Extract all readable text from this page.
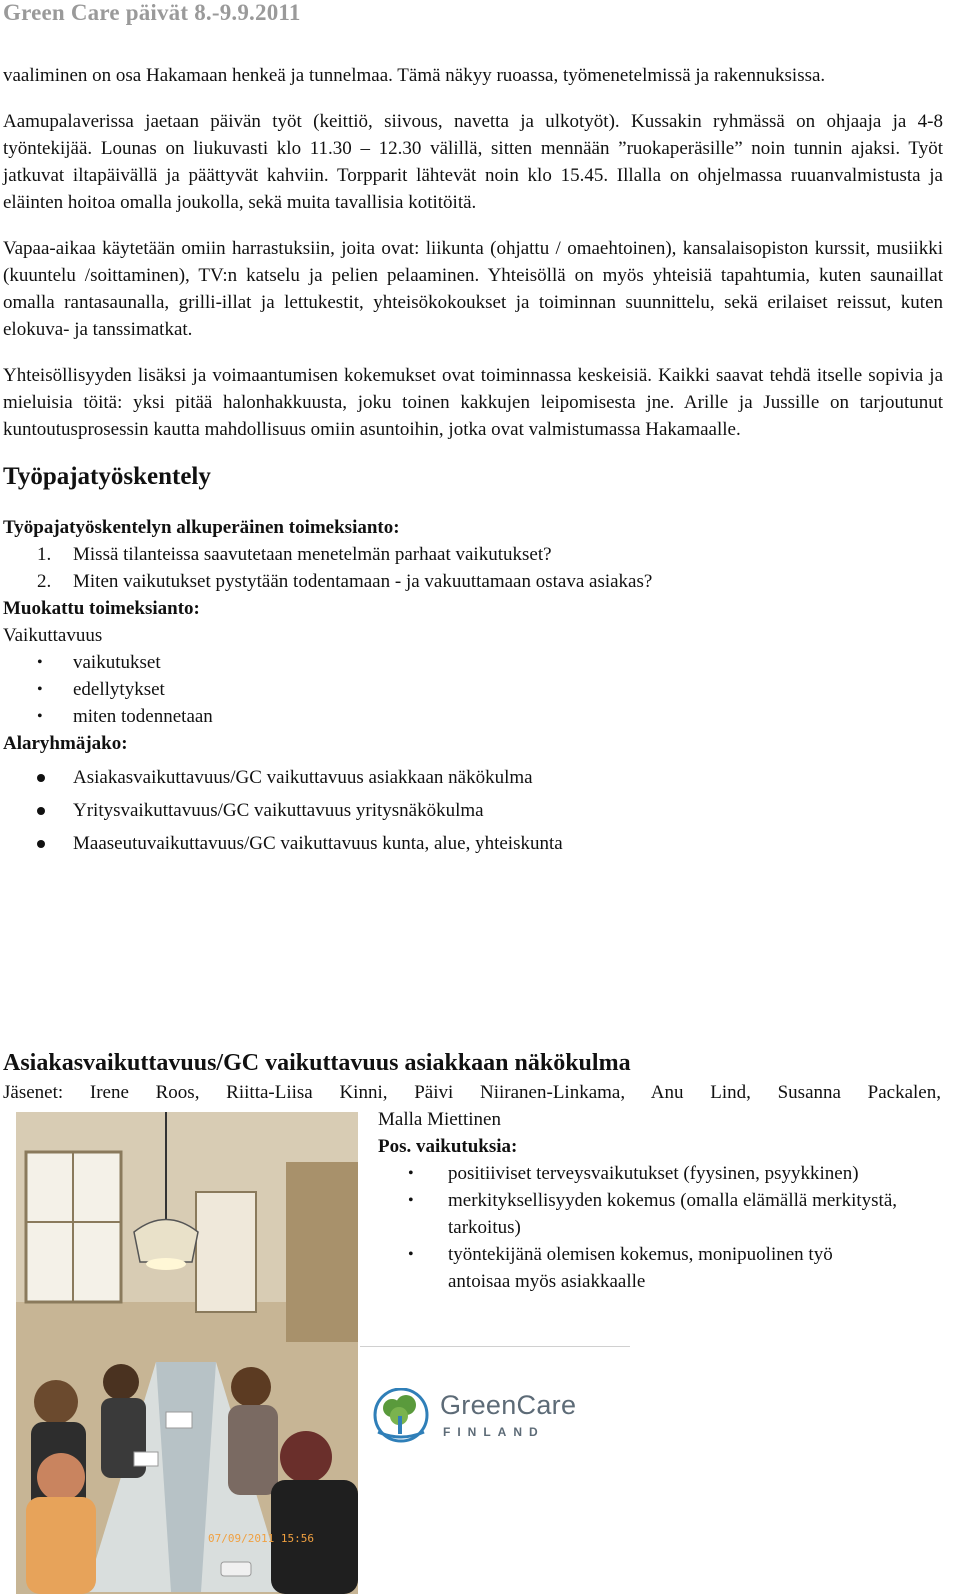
Green Care päivät 8.-9.9.2011

vaaliminen on osa Hakamaan henkeä ja tunnelmaa. Tämä näkyy ruoassa, työmenetelmissä ja rakennuksissa.

Aamupalaverissa jaetaan päivän työt (keittiö, siivous, navetta ja ulkotyöt). Kussakin ryhmässä on ohjaaja ja 4-8 työntekijää. Lounas on liukuvasti klo 11.30 – 12.30 välillä, sitten mennään ”ruokaperäsille” noin tunnin ajaksi. Työt jatkuvat iltapäivällä ja päättyvät kahviin. Torpparit lähtevät noin klo 15.45. Illalla on ohjelmassa ruuanvalmistusta ja eläinten hoitoa omalla joukolla, sekä muita tavallisia kotitöitä.

Vapaa-aikaa käytetään omiin harrastuksiin, joita ovat: liikunta (ohjattu / omaehtoinen), kansalaisopiston kurssit, musiikki (kuuntelu /soittaminen), TV:n katselu ja pelien pelaaminen. Yhteisöllä on myös yhteisiä tapahtumia, kuten saunaillat omalla rantasaunalla, grilli-illat ja lettukestit, yhteisökokoukset ja toiminnan suunnittelu, sekä erilaiset reissut, kuten elokuva- ja tanssimatkat.

Yhteisöllisyyden lisäksi ja voimaantumisen kokemukset ovat toiminnassa keskeisiä. Kaikki saavat tehdä itselle sopivia ja mieluisia töitä: yksi pitää halonhakkuusta, joku toinen kakkujen leipomisesta jne. Arille ja Jussille on tarjoutunut kuntoutusprosessin kautta mahdollisuus omiin asuntoihin, jotka ovat valmistumassa Hakamaalle.

Työpajatyöskentely
Työpajatyöskentelyn alkuperäinen toimeksianto:
1. Missä tilanteissa saavutetaan menetelmän parhaat vaikutukset?
2. Miten vaikutukset pystytään todentamaan - ja vakuuttamaan ostava asiakas?
Muokattu toimeksianto:

Vaikuttavuus

• vaikutukset
• edellytykset
• miten todennetaan
Alaryhmäjako:
Asiakasvaikuttavuus/GC vaikuttavuus asiakkaan näkökulma
Yritysvaikuttavuus/GC vaikuttavuus yritysnäkökulma
Maaseutuvaikuttavuus/GC vaikuttavuus kunta, alue, yhteiskunta
Asiakasvaikuttavuus/GC vaikuttavuus asiakkaan näkökulma
Jäsenet: Irene Roos, Riitta-Liisa Kinni, Päivi Niiranen-Linkama, Anu Lind, Susanna Packalen,
Malla Miettinen
Pos. vaikutuksia:
• positiiviset terveysvaikutukset (fyysinen, psyykkinen)
• merkityksellisyyden kokemus (omalla elämällä merkitystä, tarkoitus)
• työntekijänä olemisen kokemus, monipuolinen työ antoisaa myös asiakkaalle
07/09/2011 15:56
GreenCare
FINLAND
